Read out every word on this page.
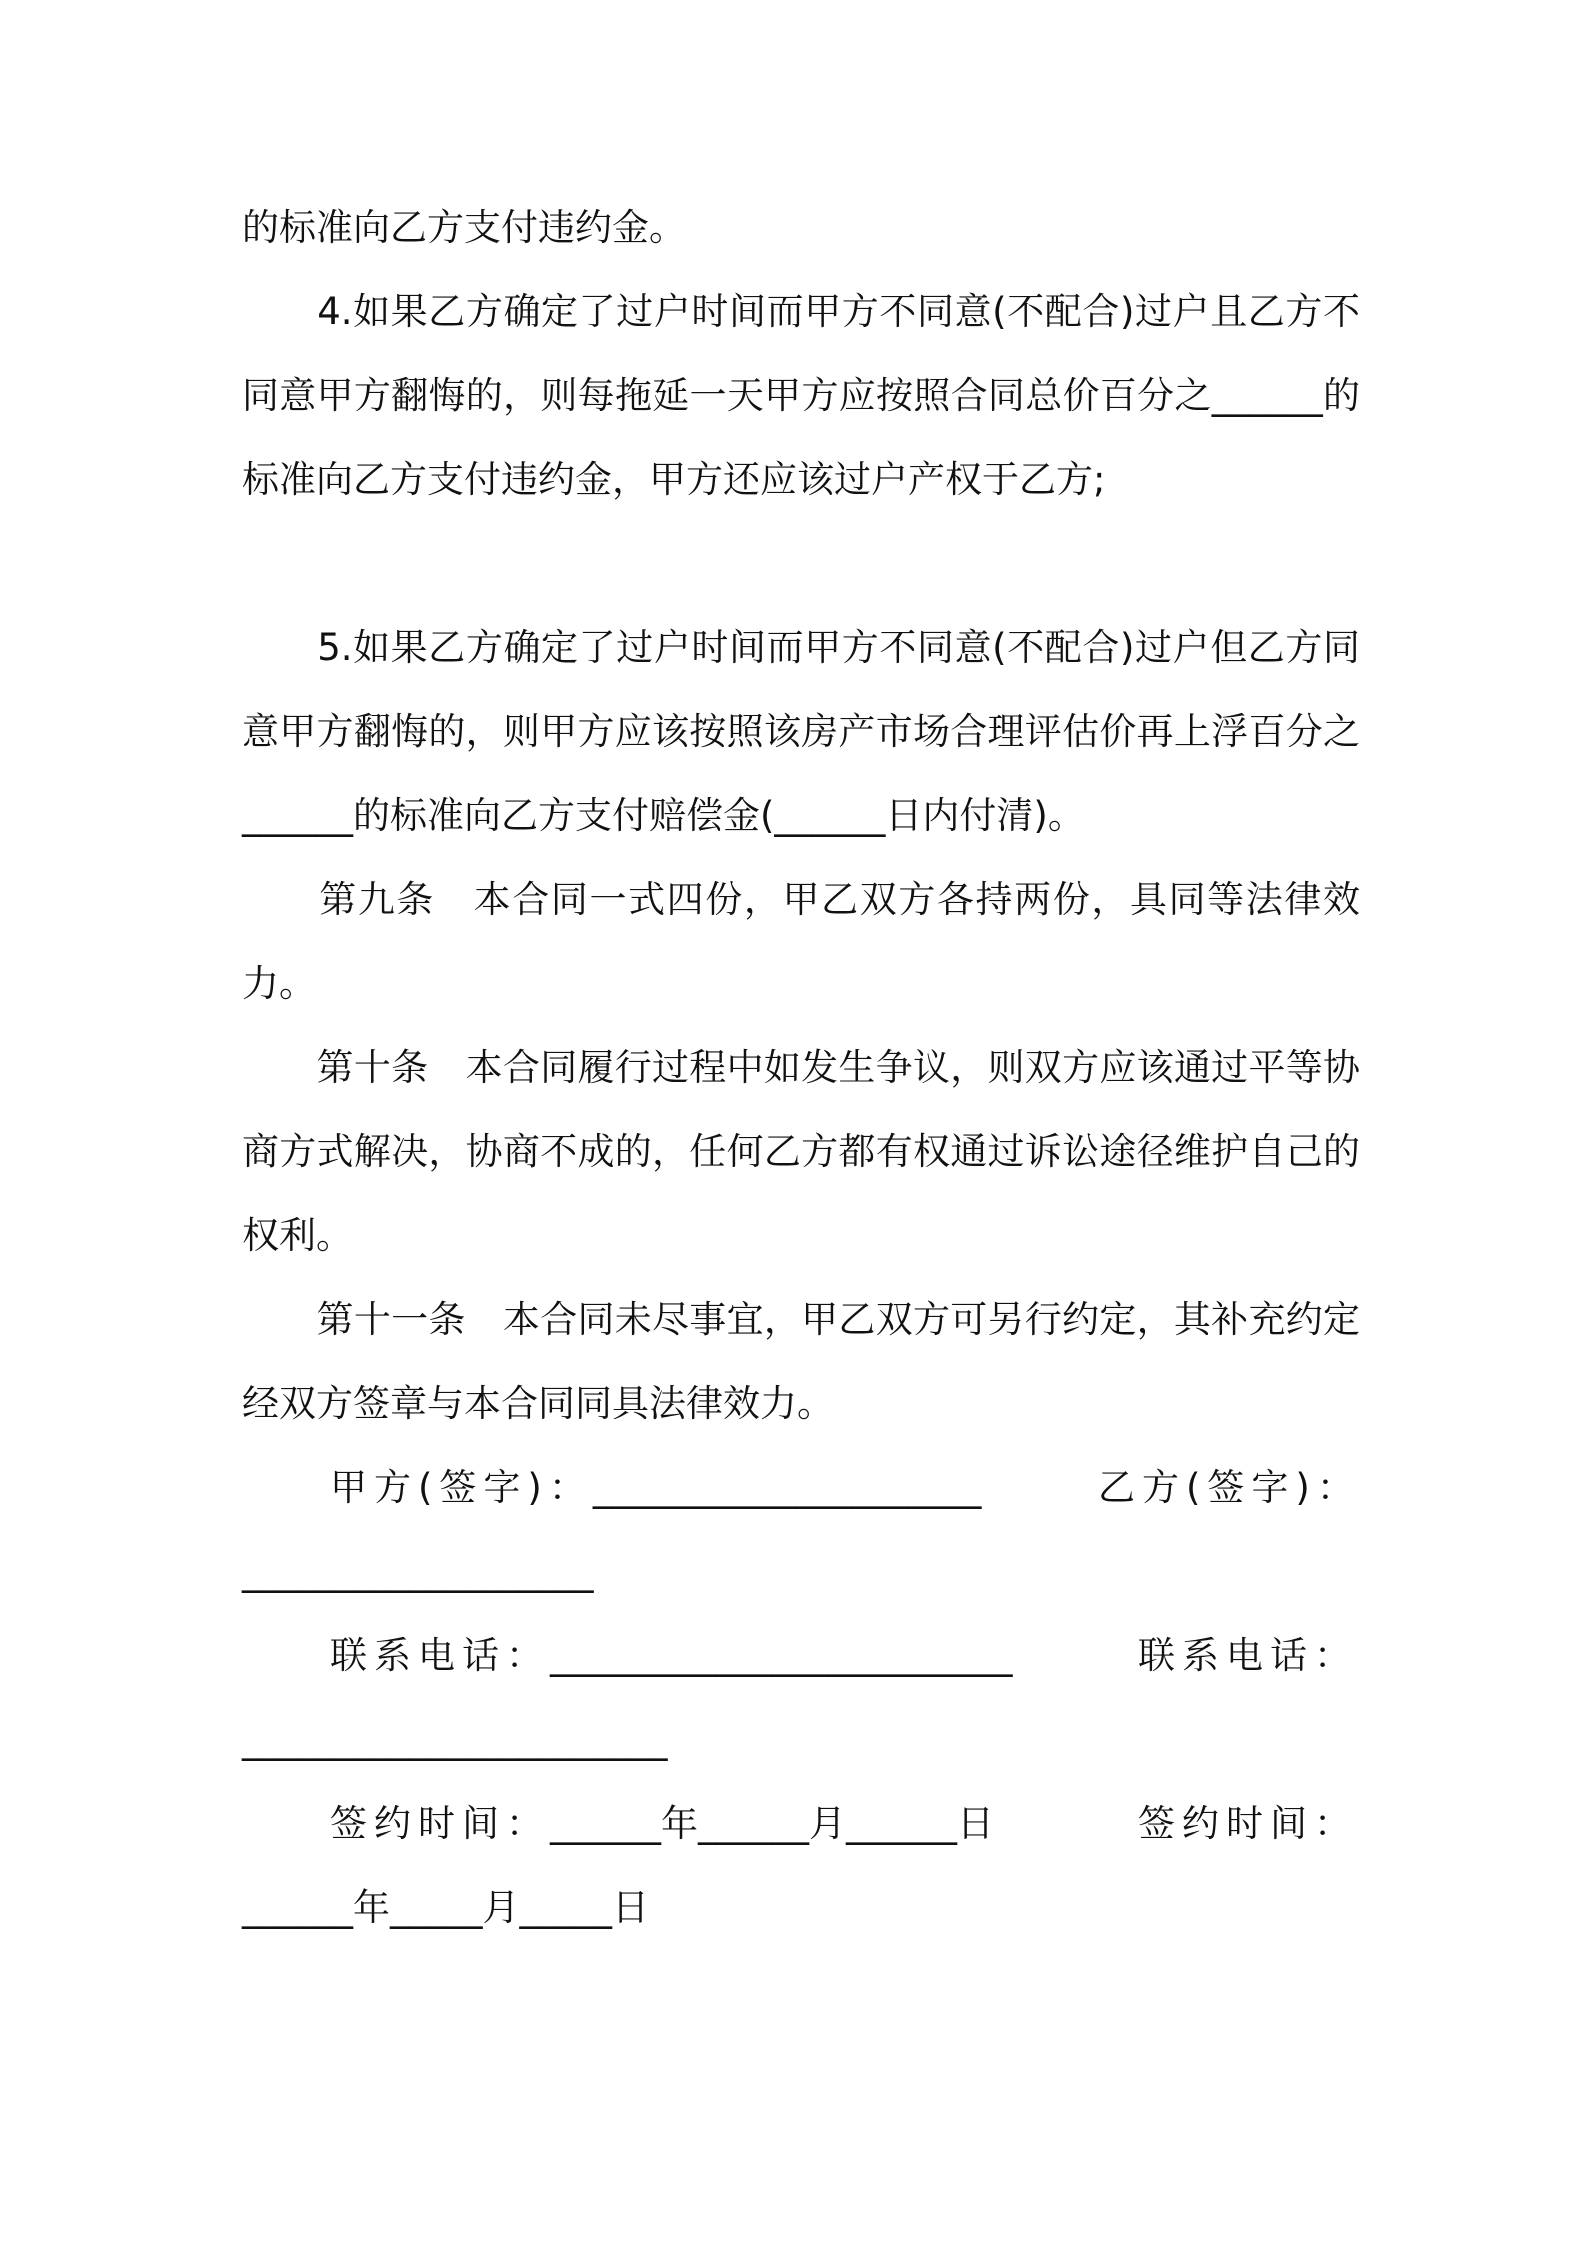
的标准向乙方支付违约金。

　　4.如果乙方确定了过户时间而甲方不同意(不配合)过户且乙方不同意甲方翻悔的，则每拖延一天甲方应按照合同总价百分之______的标准向乙方支付违约金，甲方还应该过户产权于乙方;

　　5.如果乙方确定了过户时间而甲方不同意(不配合)过户但乙方同意甲方翻悔的，则甲方应该按照该房产市场合理评估价再上浮百分之______的标准向乙方支付赔偿金(______日内付清)。

　　第九条　本合同一式四份，甲乙双方各持两份，具同等法律效力。

　　第十条　本合同履行过程中如发生争议，则双方应该通过平等协商方式解决，协商不成的，任何乙方都有权通过诉讼途径维护自己的权利。

　　第十一条　本合同未尽事宜，甲乙双方可另行约定，其补充约定经双方签章与本合同同具法律效力。

甲方(签字)：_____________________	乙方(签字)：
___________________
联系电话：_________________________	联系电话：
_______________________
签约时间：______年______月______日	签约时间：
______年_____月_____日
